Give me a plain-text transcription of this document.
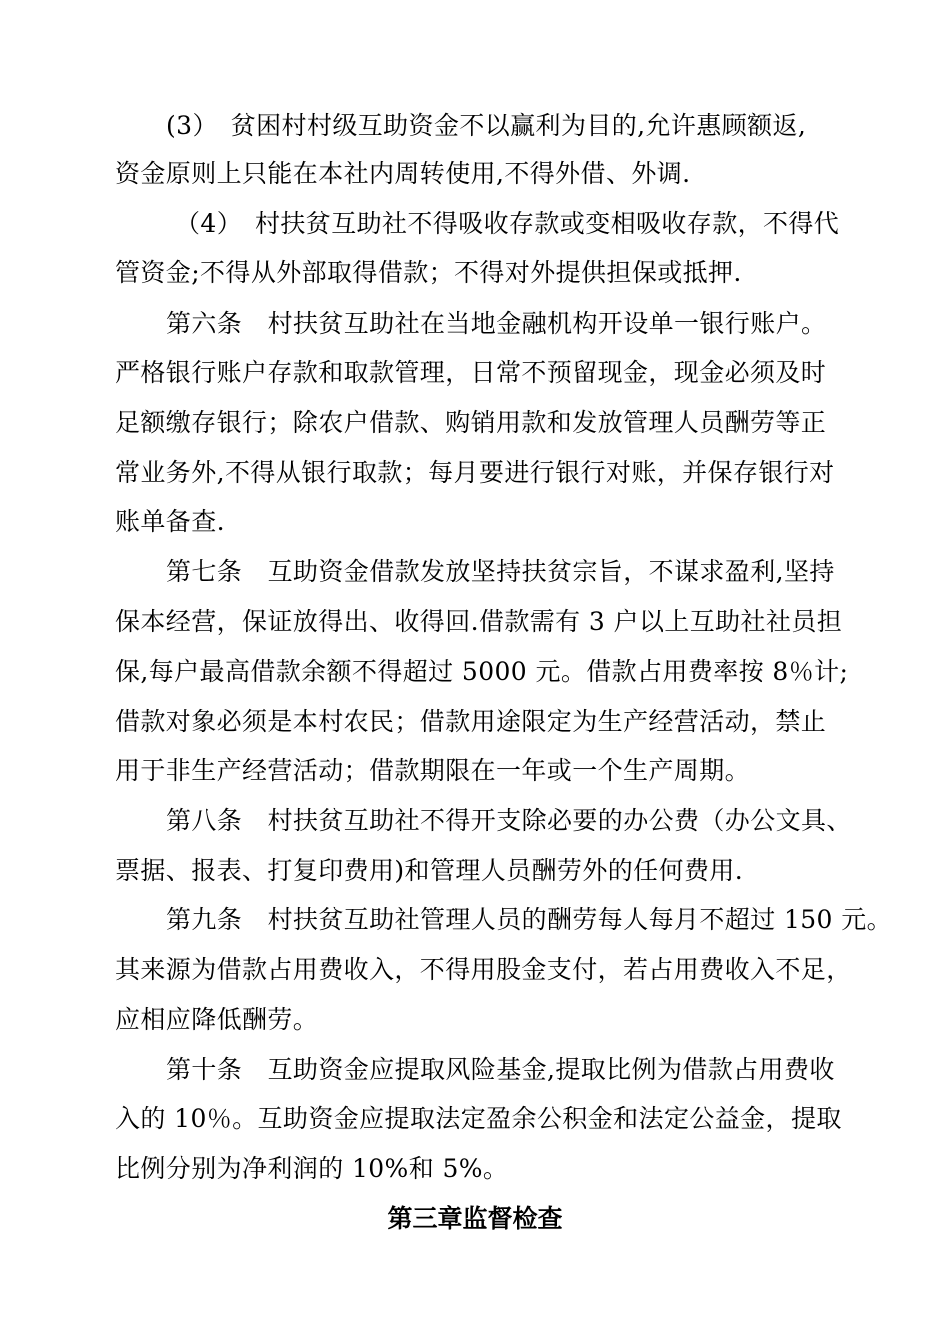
(3）　贫困村村级互助资金不以赢利为目的,允许惠顾额返,
资金原则上只能在本社内周转使用,不得外借、外调.
（4）　村扶贫互助社不得吸收存款或变相吸收存款，不得代
管资金;不得从外部取得借款；不得对外提供担保或抵押.
第六条　村扶贫互助社在当地金融机构开设单一银行账户。
严格银行账户存款和取款管理，日常不预留现金，现金必须及时
足额缴存银行；除农户借款、购销用款和发放管理人员酬劳等正
常业务外,不得从银行取款；每月要进行银行对账，并保存银行对
账单备查.
第七条　互助资金借款发放坚持扶贫宗旨，不谋求盈利,坚持
保本经营，保证放得出、收得回.借款需有 3 户以上互助社社员担
保,每户最高借款余额不得超过 5000 元。借款占用费率按 8％计;
借款对象必须是本村农民；借款用途限定为生产经营活动，禁止
用于非生产经营活动；借款期限在一年或一个生产周期。
第八条　村扶贫互助社不得开支除必要的办公费（办公文具、
票据、报表、打复印费用)和管理人员酬劳外的任何费用.
第九条　村扶贫互助社管理人员的酬劳每人每月不超过 150 元。
其来源为借款占用费收入，不得用股金支付，若占用费收入不足，
应相应降低酬劳。
第十条　互助资金应提取风险基金,提取比例为借款占用费收
入的 10％。互助资金应提取法定盈余公积金和法定公益金，提取
比例分别为净利润的 10%和 5%。
第三章监督检查
